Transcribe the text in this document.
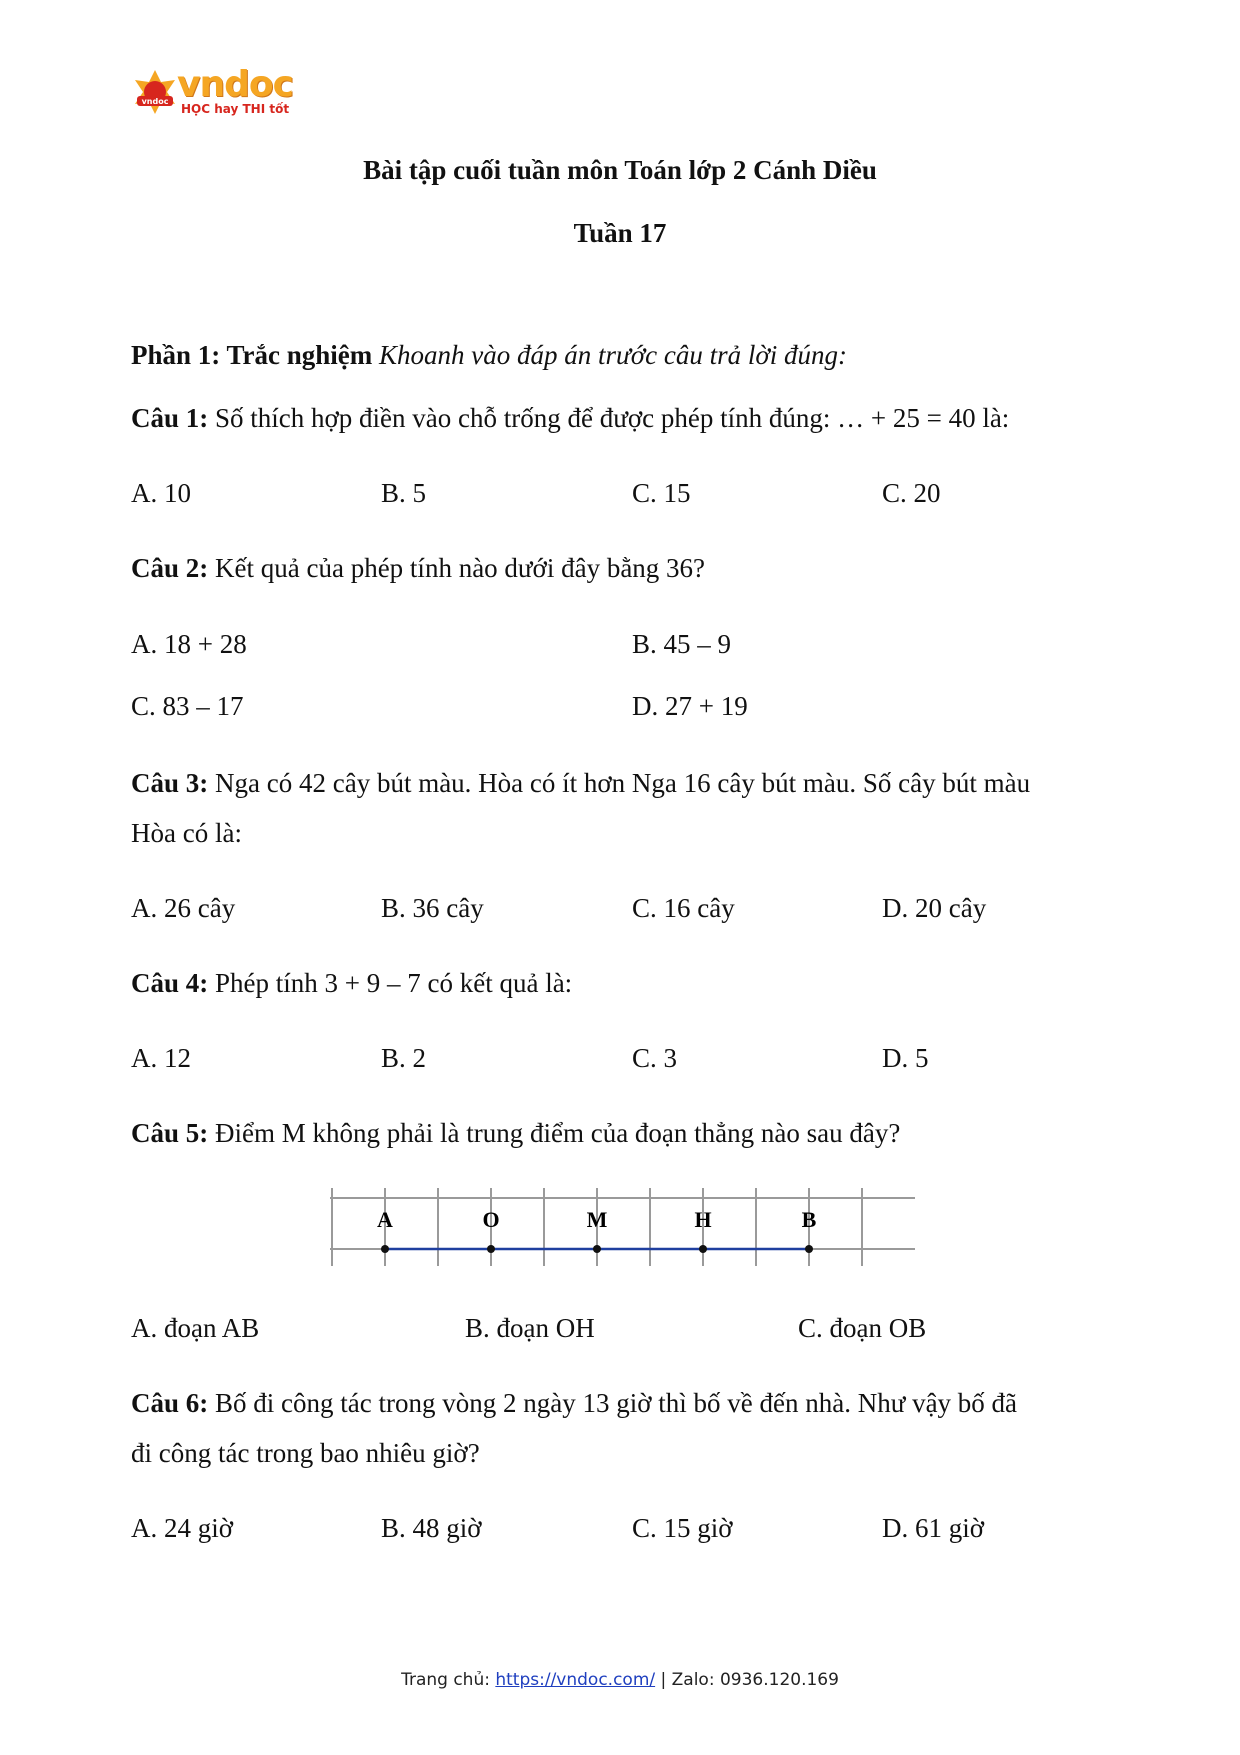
vndoc vndoc
HỌC hay THI tốt
Bài tập cuối tuần môn Toán lớp 2 Cánh Diều
Tuần 17
Phần 1: Trắc nghiệm Khoanh vào đáp án trước câu trả lời đúng:
Câu 1: Số thích hợp điền vào chỗ trống để được phép tính đúng: … + 25 = 40 là:
A. 10	B. 5	C. 15	C. 20
Câu 2: Kết quả của phép tính nào dưới đây bằng 36?
A. 18 + 28	B. 45 – 9
C. 83 – 17	D. 27 + 19
Câu 3: Nga có 42 cây bút màu. Hòa có ít hơn Nga 16 cây bút màu. Số cây bút màu
Hòa có là:
A. 26 cây	B. 36 cây	C. 16 cây	D. 20 cây
Câu 4: Phép tính 3 + 9 – 7 có kết quả là:
A. 12	B. 2	C. 3	D. 5
Câu 5: Điểm M không phải là trung điểm của đoạn thẳng nào sau đây?
A	O	M	H	B
A. đoạn AB	B. đoạn OH	C. đoạn OB
Câu 6: Bố đi công tác trong vòng 2 ngày 13 giờ thì bố về đến nhà. Như vậy bố đã
đi công tác trong bao nhiêu giờ?
A. 24 giờ	B. 48 giờ	C. 15 giờ	D. 61 giờ
Trang chủ: https://vndoc.com/ | Zalo: 0936.120.169
